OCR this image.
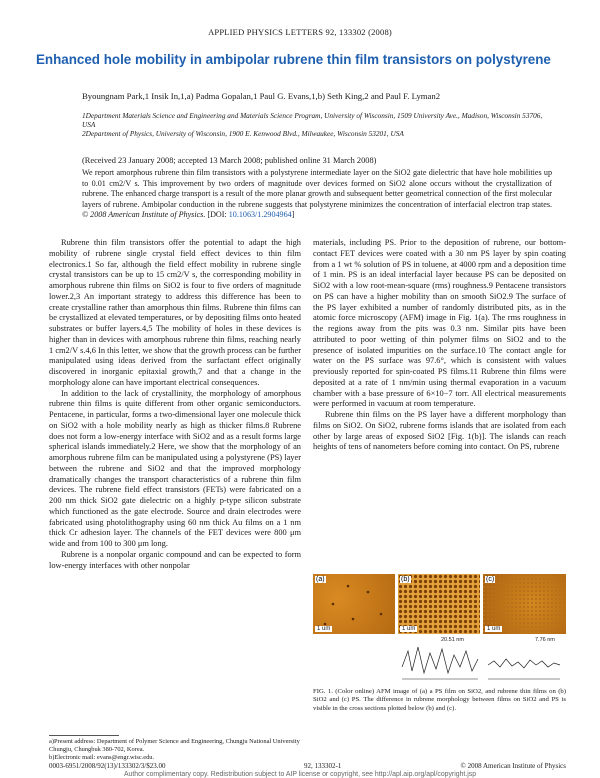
APPLIED PHYSICS LETTERS 92, 133302 (2008)
Enhanced hole mobility in ambipolar rubrene thin film transistors on polystyrene
Byoungnam Park,1 Insik In,1,a) Padma Gopalan,1 Paul G. Evans,1,b) Seth King,2 and Paul F. Lyman2
1Department Materials Science and Engineering and Materials Science Program, University of Wisconsin, 1509 University Ave., Madison, Wisconsin 53706, USA
2Department of Physics, University of Wisconsin, 1900 E. Kenwood Blvd., Milwaukee, Wisconsin 53201, USA
(Received 23 January 2008; accepted 13 March 2008; published online 31 March 2008)
We report amorphous rubrene thin film transistors with a polystyrene intermediate layer on the SiO2 gate dielectric that have hole mobilities up to 0.01 cm2/V s. This improvement by two orders of magnitude over devices formed on SiO2 alone occurs without the crystallization of rubrene. The enhanced charge transport is a result of the more planar growth and subsequent better geometrical connection of the first molecular layers of rubrene. Ambipolar conduction in the rubrene suggests that polystyrene minimizes the concentration of interfacial electron trap states. © 2008 American Institute of Physics. [DOI: 10.1063/1.2904964]

Rubrene thin film transistors offer the potential to adapt the high mobility of rubrene single crystal field effect devices to thin film electronics.1 So far, although the field effect mobility in rubrene single crystal transistors can be up to 15 cm2/V s, the corresponding mobility in amorphous rubrene thin films on SiO2 is four to five orders of magnitude lower.2,3 An important strategy to address this difference has been to create crystalline rather than amorphous thin films. Rubrene thin films can be crystallized at elevated temperatures, or by depositing films onto heated substrates or buffer layers.4,5 The mobility of holes in these devices is higher than in devices with amorphous rubrene thin films, reaching nearly 1 cm2/V s.4,6 In this letter, we show that the growth process can be further manipulated using ideas derived from the surfactant effect originally discovered in inorganic epitaxial growth,7 and that a change in the morphology alone can have important electrical consequences.

In addition to the lack of crystallinity, the morphology of amorphous rubrene thin films is quite different from other organic semiconductors. Pentacene, in particular, forms a two-dimensional layer one molecule thick on SiO2 with a hole mobility nearly as high as thicker films.8 Rubrene does not form a low-energy interface with SiO2 and as a result forms large spherical islands immediately.2 Here, we show that the morphology of an amorphous rubrene film can be manipulated using a polystyrene (PS) layer between the rubrene and SiO2 and that the improved morphology dramatically changes the transport characteristics of a rubrene thin film devices. The rubrene field effect transistors (FETs) were fabricated on a 200 nm thick SiO2 gate dielectric on a highly p-type silicon substrate which functioned as the gate electrode. Source and drain electrodes were fabricated using photolithography using 60 nm thick Au films on a 1 nm thick Cr adhesion layer. The channels of the FET devices were 800 μm wide and from 100 to 300 μm long.

Rubrene is a nonpolar organic compound and can be expected to form low-energy interfaces with other nonpolar

materials, including PS. Prior to the deposition of rubrene, our bottom-contact FET devices were coated with a 30 nm PS layer by spin coating from a 1 wt % solution of PS in toluene, at 4000 rpm and a deposition time of 1 min. PS is an ideal interfacial layer because PS can be deposited on SiO2 with a low root-mean-square (rms) roughness.9 Pentacene transistors on PS can have a higher mobility than on smooth SiO2.9 The surface of the PS layer exhibited a number of randomly distributed pits, as in the atomic force microscopy (AFM) image in Fig. 1(a). The rms roughness in the regions away from the pits was 0.3 nm. Similar pits have been attributed to poor wetting of thin polymer films on SiO2 and to the presence of isolated impurities on the surface.10 The contact angle for water on the PS surface was 97.6°, which is consistent with values previously reported for spin-coated PS films.11 Rubrene thin films were deposited at a rate of 1 nm/min using thermal evaporation in a vacuum chamber with a base pressure of 6×10−7 torr. All electrical measurements were performed in vacuum at room temperature.

Rubrene thin films on the PS layer have a different morphology than films on SiO2. On SiO2, rubrene forms islands that are isolated from each other by large areas of exposed SiO2 [Fig. 1(b)]. The islands can reach heights of tens of nanometers before coming into contact. On PS, rubrene

(a)
1 um
(b)
1 um
(c)
1 um
20.51 nm	7.76 nm
FIG. 1. (Color online) AFM image of (a) a PS film on SiO2, and rubrene thin films on (b) SiO2 and (c) PS. The difference in rubrene morphology between films on SiO2 and PS is visible in the cross sections plotted below (b) and (c).
a)Present address: Department of Polymer Science and Engineering, Chungju National University Chungju, Chungbuk 380-702, Korea.
b)Electronic mail: evans@engr.wisc.edu.
0003-6951/2008/92(13)/133302/3/$23.00	92, 133302-1	© 2008 American Institute of Physics
Author complimentary copy. Redistribution subject to AIP license or copyright, see http://apl.aip.org/apl/copyright.jsp
